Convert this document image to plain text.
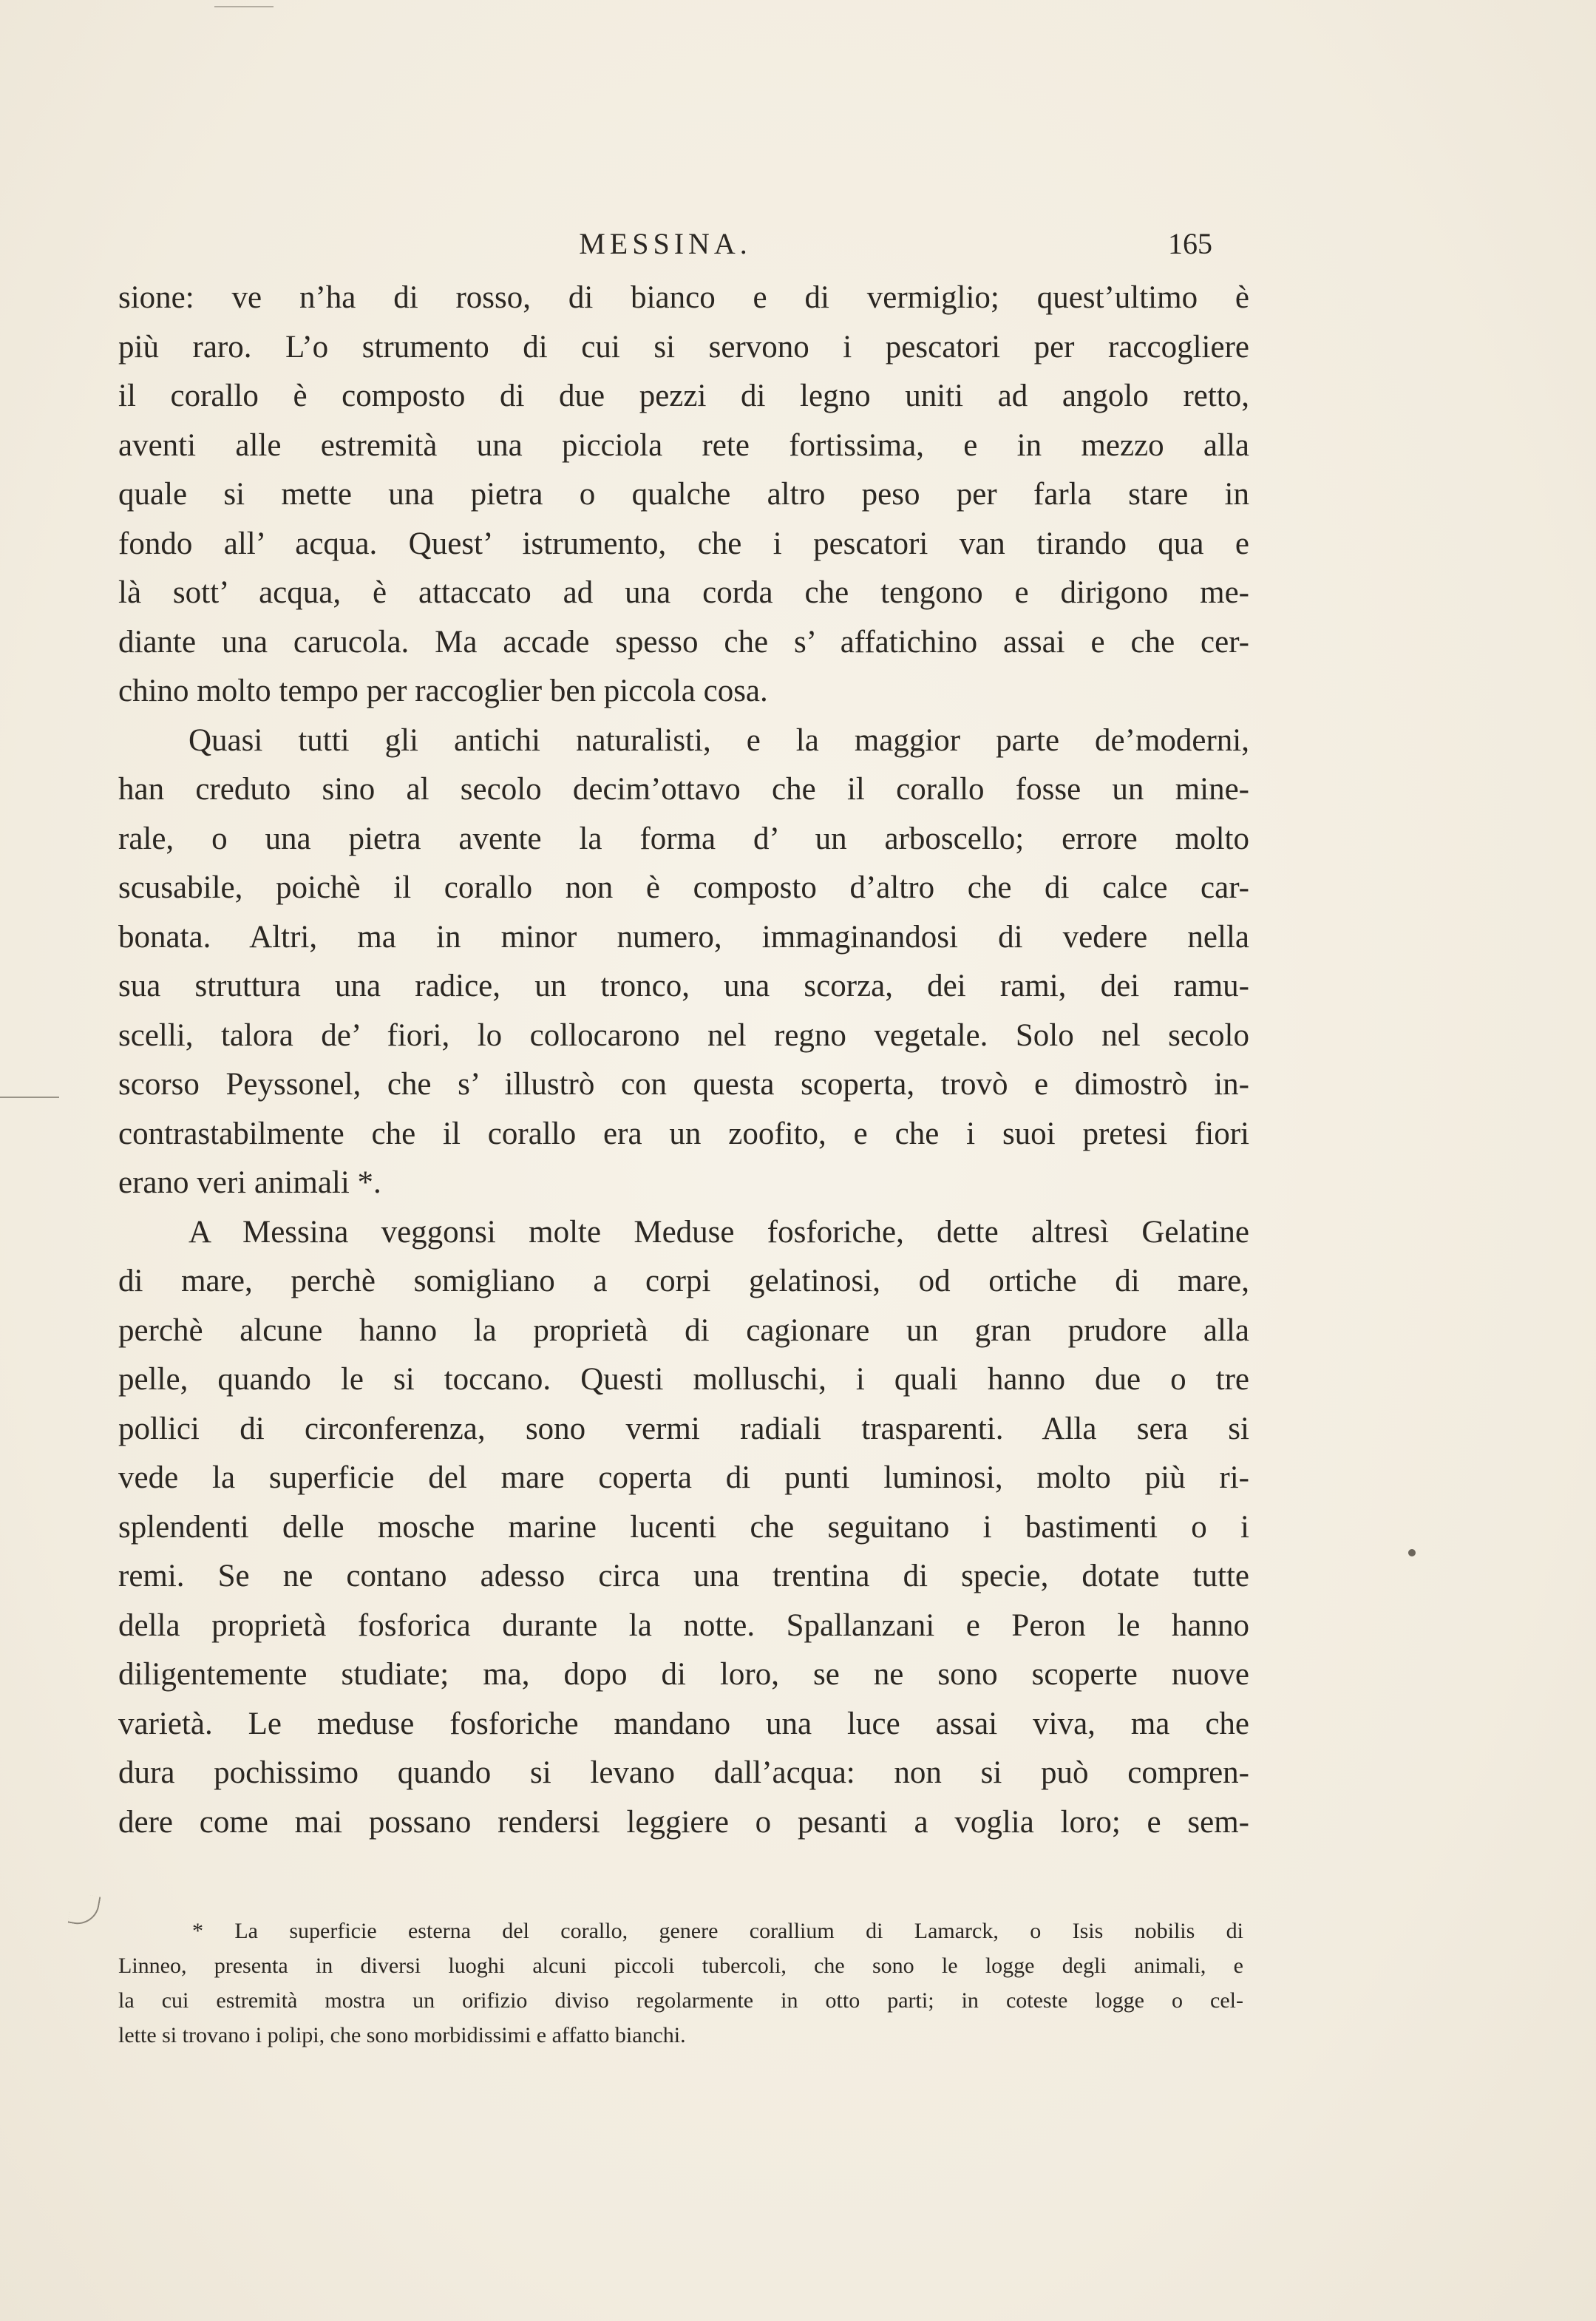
MESSINA.	165
sione: ve n’ha di rosso, di bianco e di vermiglio; quest’ultimo è
più raro. L’o strumento di cui si servono i pescatori per raccogliere
il corallo è composto di due pezzi di legno uniti ad angolo retto,
aventi alle estremità una picciola rete fortissima, e in mezzo alla
quale si mette una pietra o qualche altro peso per farla stare in
fondo all’ acqua. Quest’ istrumento, che i pescatori van tirando qua e
là sott’ acqua, è attaccato ad una corda che tengono e dirigono me-
diante una carucola. Ma accade spesso che s’ affatichino assai e che cer-
chino molto tempo per raccoglier ben piccola cosa.
Quasi tutti gli antichi naturalisti, e la maggior parte de’moderni,
han creduto sino al secolo decim’ottavo che il corallo fosse un mine-
rale, o una pietra avente la forma d’ un arboscello; errore molto
scusabile, poichè il corallo non è composto d’altro che di calce car-
bonata. Altri, ma in minor numero, immaginandosi di vedere nella
sua struttura una radice, un tronco, una scorza, dei rami, dei ramu-
scelli, talora de’ fiori, lo collocarono nel regno vegetale. Solo nel secolo
scorso Peyssonel, che s’ illustrò con questa scoperta, trovò e dimostrò in-
contrastabilmente che il corallo era un zoofito, e che i suoi pretesi fiori
erano veri animali *.
A Messina veggonsi molte Meduse fosforiche, dette altresì Gelatine
di mare, perchè somigliano a corpi gelatinosi, od ortiche di mare,
perchè alcune hanno la proprietà di cagionare un gran prudore alla
pelle, quando le si toccano. Questi molluschi, i quali hanno due o tre
pollici di circonferenza, sono vermi radiali trasparenti. Alla sera si
vede la superficie del mare coperta di punti luminosi, molto più ri-
splendenti delle mosche marine lucenti che seguitano i bastimenti o i
remi. Se ne contano adesso circa una trentina di specie, dotate tutte
della proprietà fosforica durante la notte. Spallanzani e Peron le hanno
diligentemente studiate; ma, dopo di loro, se ne sono scoperte nuove
varietà. Le meduse fosforiche mandano una luce assai viva, ma che
dura pochissimo quando si levano dall’acqua: non si può compren-
dere come mai possano rendersi leggiere o pesanti a voglia loro; e sem-
* La superficie esterna del corallo, genere corallium di Lamarck, o Isis nobilis di
Linneo, presenta in diversi luoghi alcuni piccoli tubercoli, che sono le logge degli animali, e
la cui estremità mostra un orifizio diviso regolarmente in otto parti; in coteste logge o cel-
lette si trovano i polipi, che sono morbidissimi e affatto bianchi.
